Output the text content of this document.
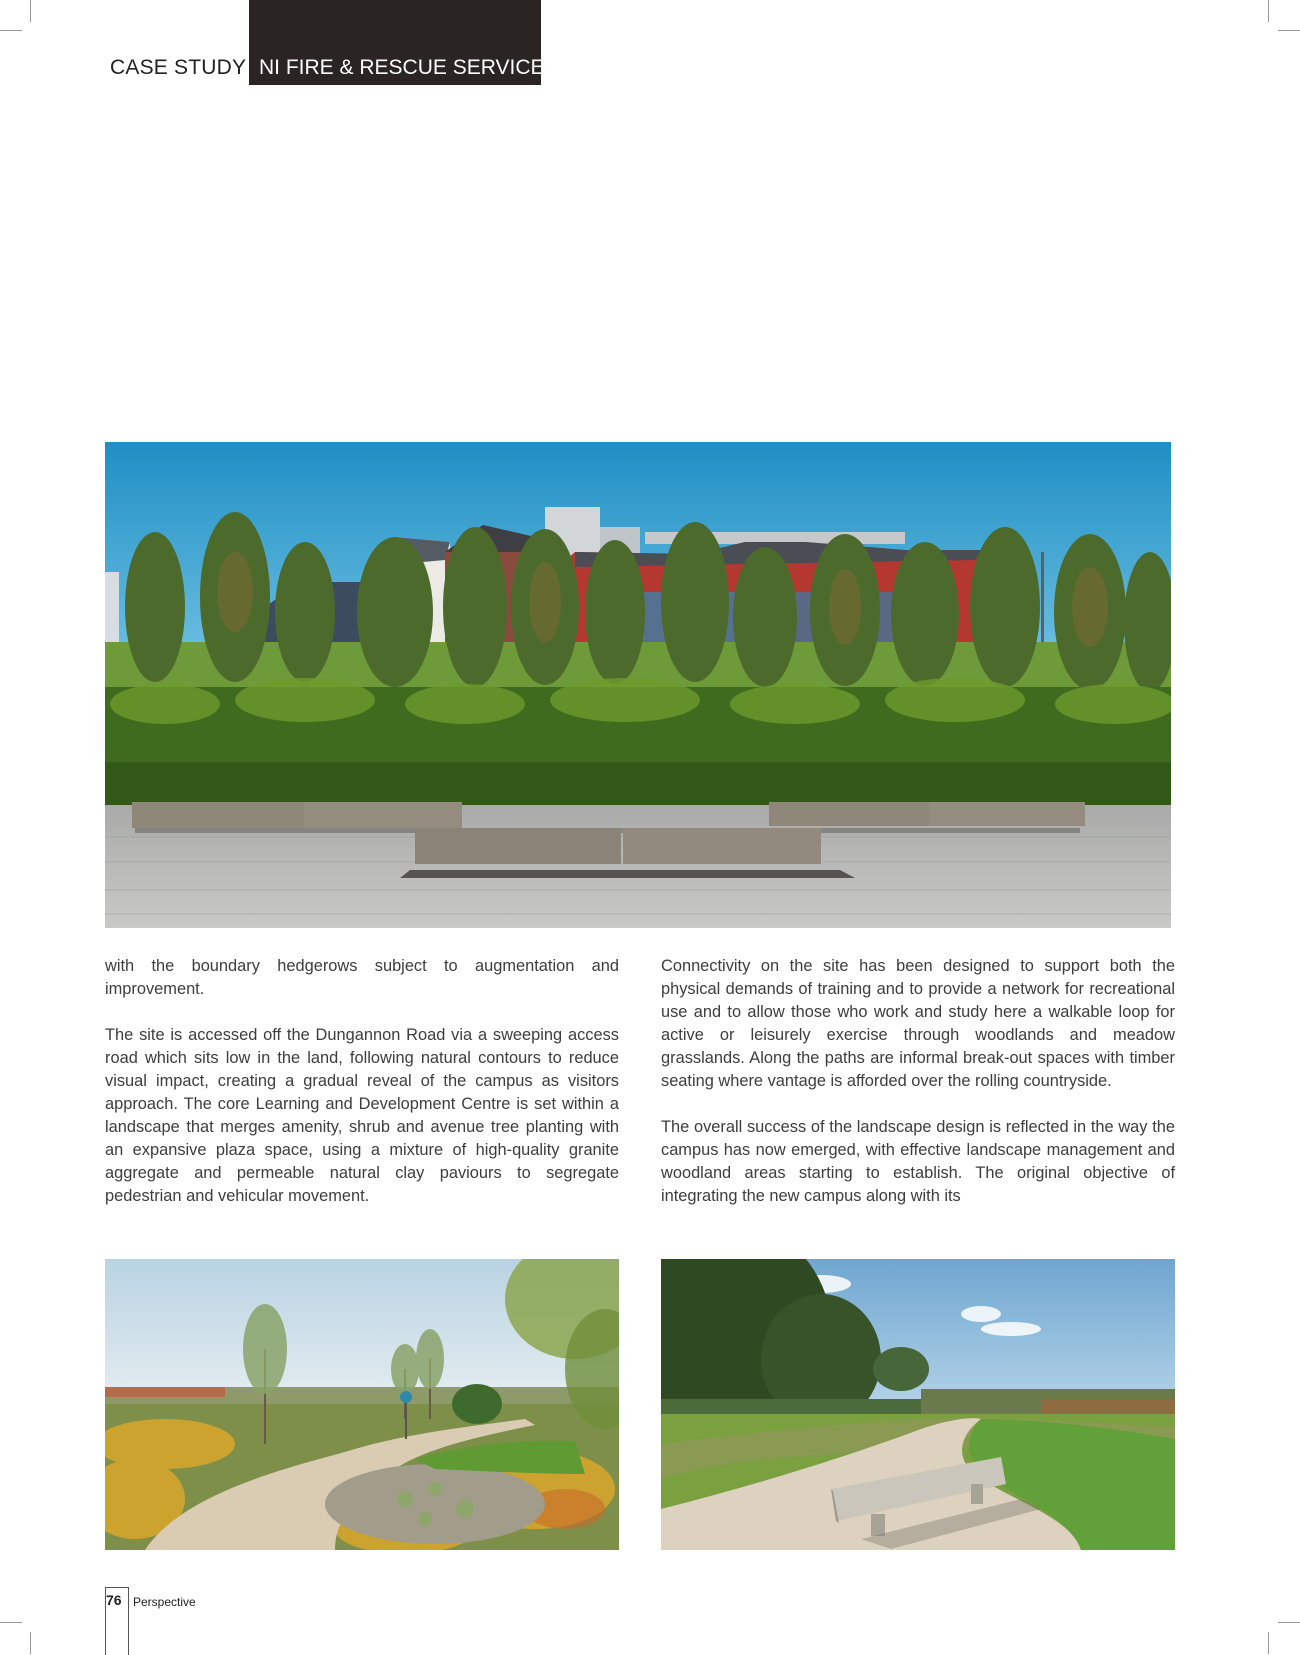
CASE STUDY NI FIRE & RESCUE SERVICE

with the boundary hedgerows subject to augmentation and improvement.

The site is accessed off the Dungannon Road via a sweeping access road which sits low in the land, following natural contours to reduce visual impact, creating a gradual reveal of the campus as visitors approach. The core Learning and Development Centre is set within a landscape that merges amenity, shrub and avenue tree planting with an expansive plaza space, using a mixture of high-quality granite aggregate and permeable natural clay paviours to segregate pedestrian and vehicular movement.

Connectivity on the site has been designed to support both the physical demands of training and to provide a network for recreational use and to allow those who work and study here a walkable loop for active or leisurely exercise through woodlands and meadow grasslands. Along the paths are informal break-out spaces with timber seating where vantage is afforded over the rolling countryside.

The overall success of the landscape design is reflected in the way the campus has now emerged, with effective landscape management and woodland areas starting to establish. The original objective of integrating the new campus along with its

76 Perspective
